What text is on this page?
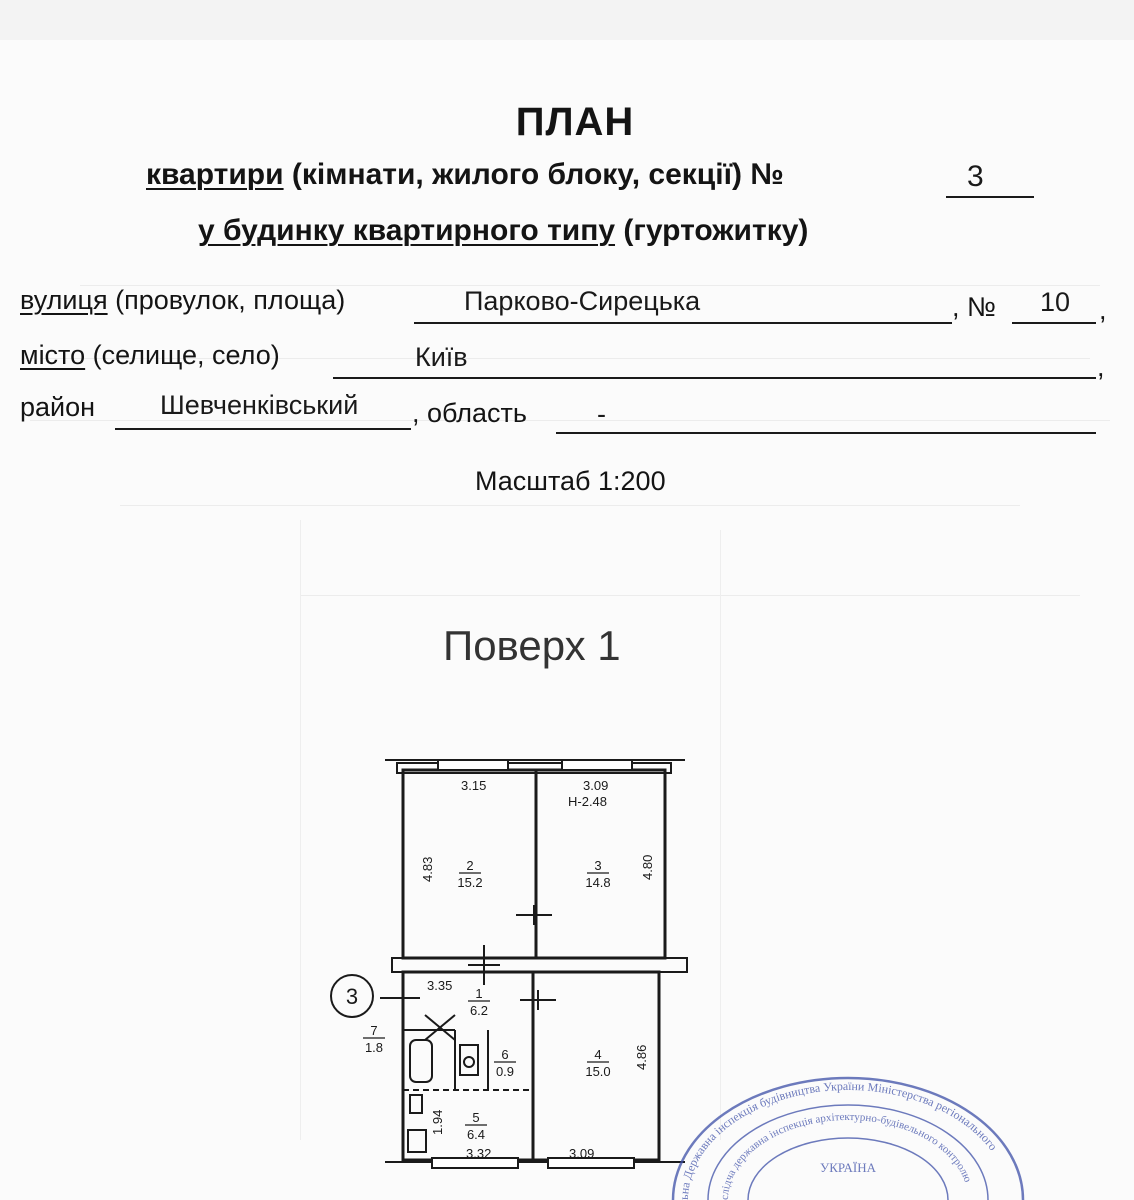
ПЛАН
квартири (кімнати, жилого блоку, секції) №	3
у будинку квартирного типу (гуртожитку)
вулиця (провулок, площа)	Парково-Сирецька	, № 10 ,
місто (селище, село)	Київ	,
район Шевченківський , область	-
Масштаб 1:200
Поверх 1
3
3.15	3.09
Н-2.48
4.83	4.80
3.35
4.86
1.94
3.32	3.09
2
15.2
3
14.8
4
15.0
5
6.4
6
0.9
7
1.8
1
6.2
ьна Державна інспекція будівництва України Міністерства регіонального
слідча державна інспекція архітектурно-будівельного контролю
УКРАЇНА
